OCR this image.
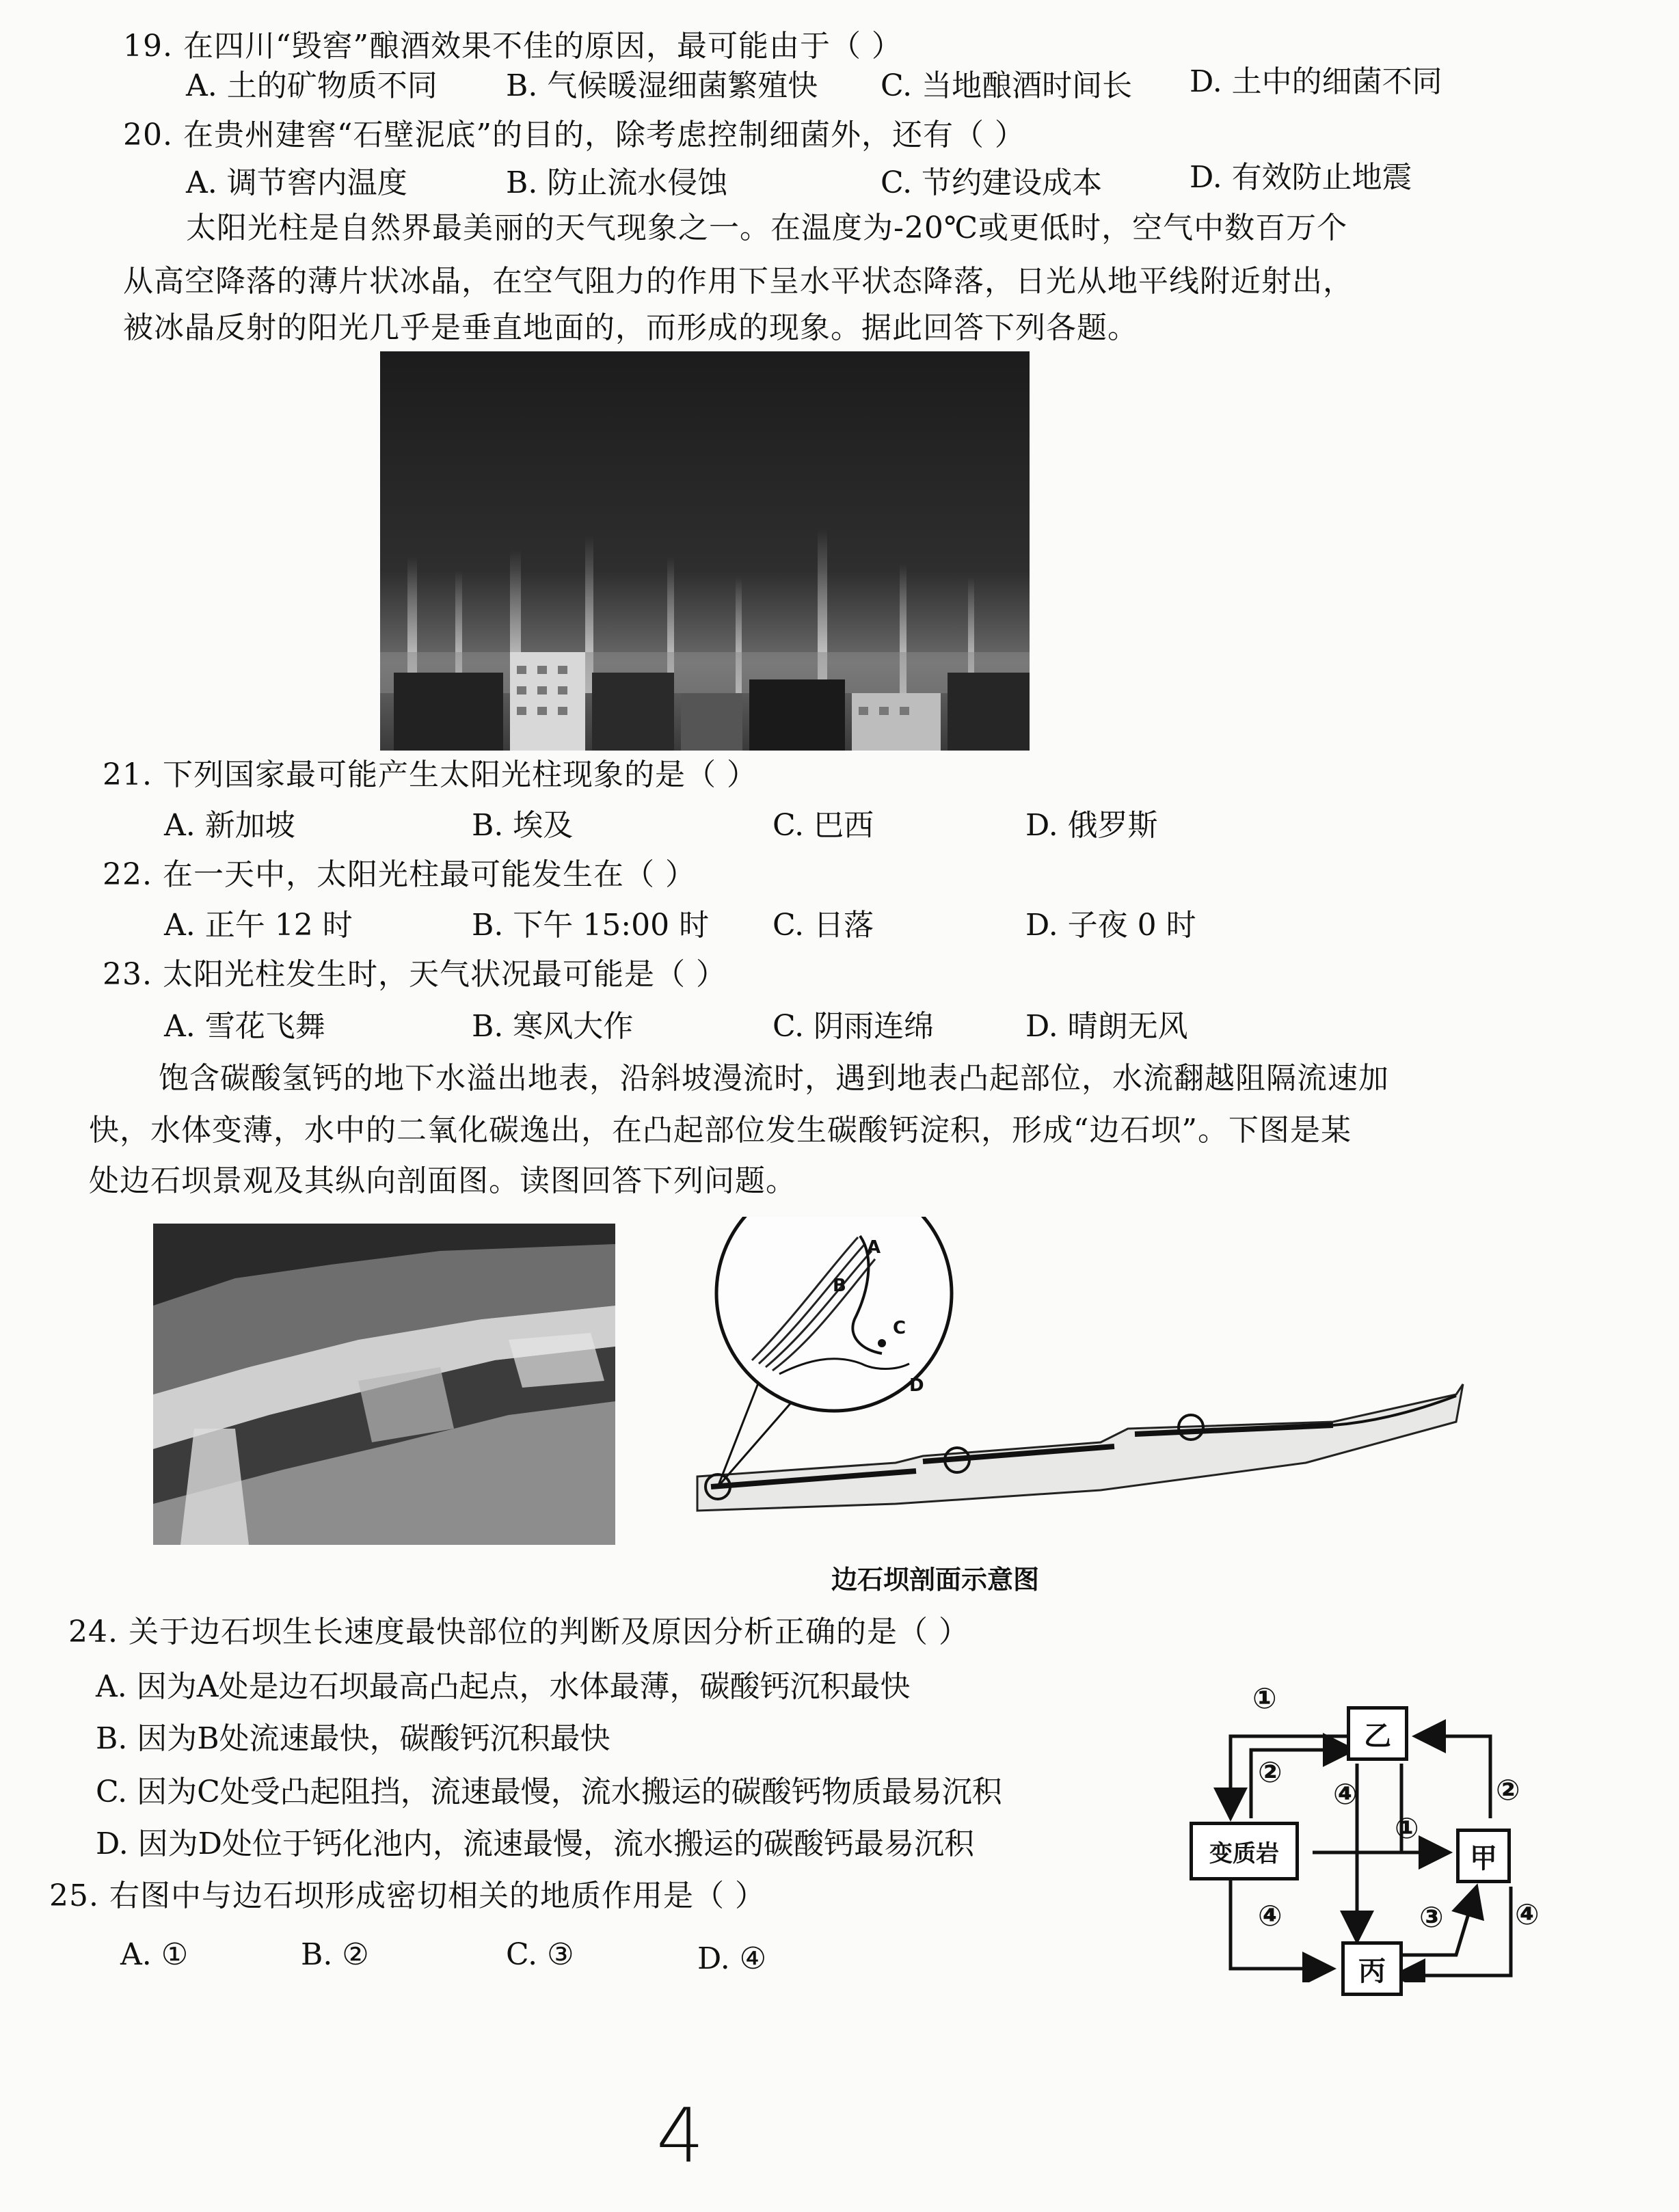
19. 在四川“毁窖”酿酒效果不佳的原因，最可能由于（ ）
A. 土的矿物质不同 B. 气候暖湿细菌繁殖快 C. 当地酿酒时间长 D. 土中的细菌不同
20. 在贵州建窖“石壁泥底”的目的，除考虑控制细菌外，还有（ ）
A. 调节窖内温度	B. 防止流水侵蚀	C. 节约建设成本	D. 有效防止地震
太阳光柱是自然界最美丽的天气现象之一。在温度为-20℃或更低时，空气中数百万个
从高空降落的薄片状冰晶，在空气阻力的作用下呈水平状态降落，日光从地平线附近射出，
被冰晶反射的阳光几乎是垂直地面的，而形成的现象。据此回答下列各题。
21. 下列国家最可能产生太阳光柱现象的是（ ）
A. 新加坡	B. 埃及	C. 巴西	D. 俄罗斯
22. 在一天中，太阳光柱最可能发生在（ ）
A. 正午 12 时	B. 下午 15:00 时 C. 日落	D. 子夜 0 时
23. 太阳光柱发生时，天气状况最可能是（ ）
A. 雪花飞舞	B. 寒风大作	C. 阴雨连绵	D. 晴朗无风
饱含碳酸氢钙的地下水溢出地表，沿斜坡漫流时，遇到地表凸起部位，水流翻越阻隔流速加
快，水体变薄，水中的二氧化碳逸出，在凸起部位发生碳酸钙淀积，形成“边石坝”。下图是某
处边石坝景观及其纵向剖面图。读图回答下列问题。
A
B
C
D
边石坝剖面示意图
24. 关于边石坝生长速度最快部位的判断及原因分析正确的是（ ）
A. 因为A处是边石坝最高凸起点，水体最薄，碳酸钙沉积最快
B. 因为B处流速最快，碳酸钙沉积最快
C. 因为C处受凸起阻挡，流速最慢，流水搬运的碳酸钙物质最易沉积
D. 因为D处位于钙化池内，流速最慢，流水搬运的碳酸钙最易沉积
25. 右图中与边石坝形成密切相关的地质作用是（ ）
A. ①	B. ②	C. ③	D. ④
乙
变质岩	甲
丙
①
②
④	②
①
④	③ ④
4
